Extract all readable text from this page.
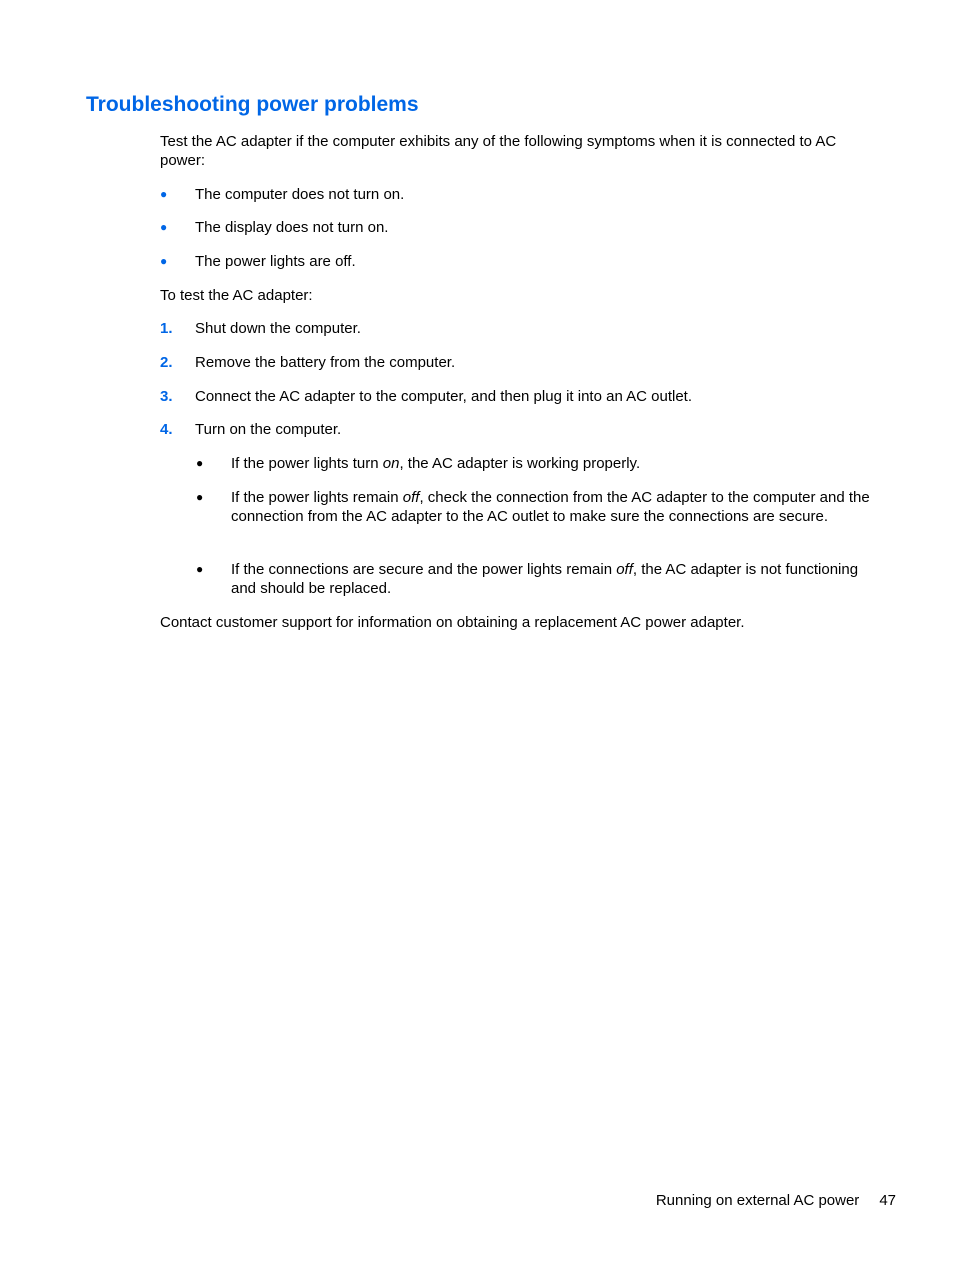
Troubleshooting power problems

Test the AC adapter if the computer exhibits any of the following symptoms when it is connected to AC power:

● The computer does not turn on.
● The display does not turn on.
● The power lights are off.

To test the AC adapter:

1. Shut down the computer.
2. Remove the battery from the computer.
3. Connect the AC adapter to the computer, and then plug it into an AC outlet.
4. Turn on the computer.
● If the power lights turn on, the AC adapter is working properly.
● If the power lights remain off, check the connection from the AC adapter to the computer and the connection from the AC adapter to the AC outlet to make sure the connections are secure.
● If the connections are secure and the power lights remain off, the AC adapter is not functioning and should be replaced.

Contact customer support for information on obtaining a replacement AC power adapter.

Running on external AC power 47
